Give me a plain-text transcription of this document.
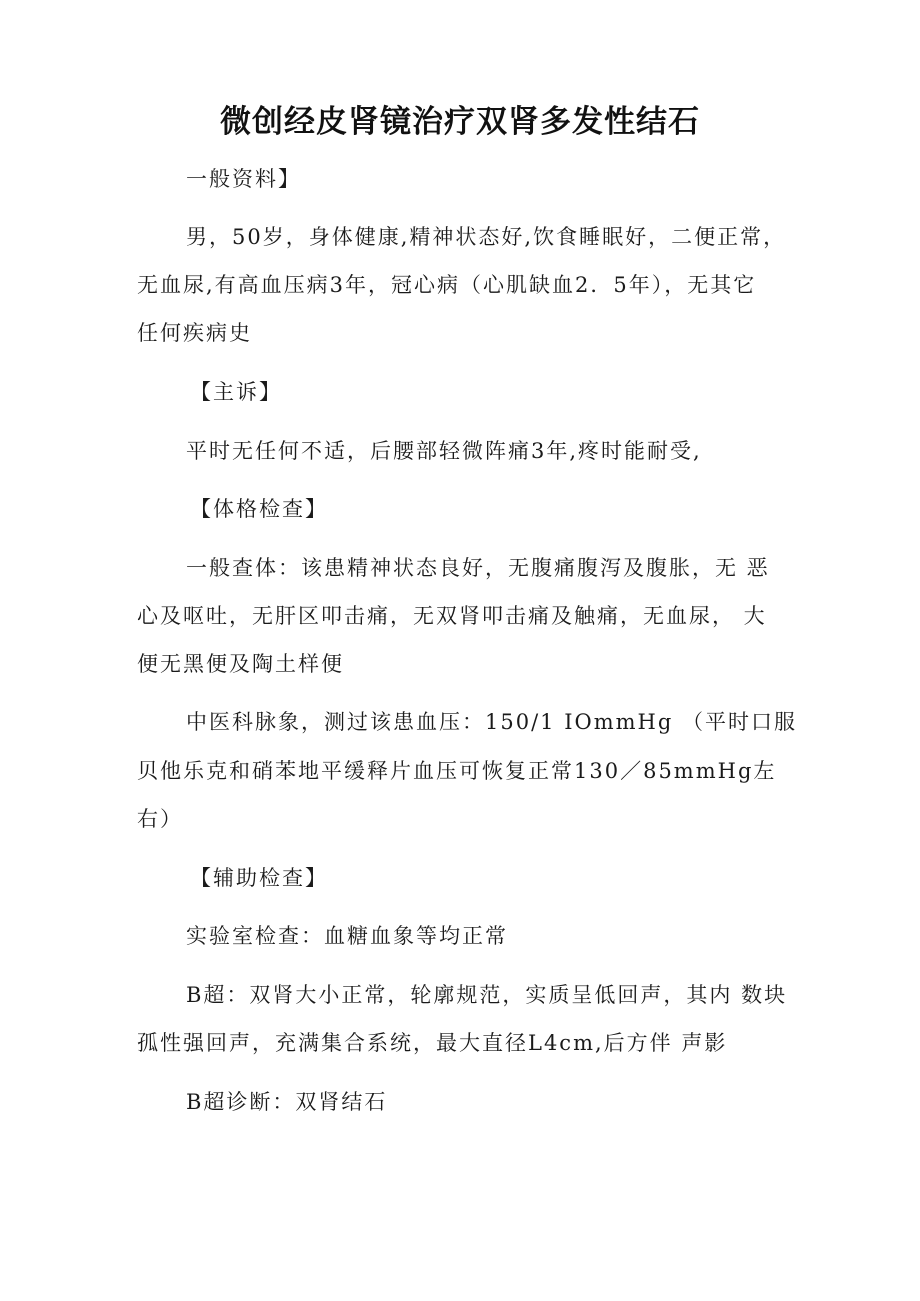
微创经皮肾镜治疗双肾多发性结石

一般资料】

男，50岁，身体健康,精神状态好,饮食睡眠好，二便正常，

无血尿,有高血压病3年，冠心病（心肌缺血2．5年），无其它

任何疾病史

【主诉】

平时无任何不适，后腰部轻微阵痛3年,疼时能耐受,

【体格检查】

一般查体：该患精神状态良好，无腹痛腹泻及腹胀，无 恶

心及呕吐，无肝区叩击痛，无双肾叩击痛及触痛，无血尿， 大

便无黑便及陶土样便

中医科脉象，测过该患血压：150/1 IOmmHg （平时口服

贝他乐克和硝苯地平缓释片血压可恢复正常130／85mmHg左

右）

【辅助检查】

实验室检查：血糖血象等均正常

B超：双肾大小正常，轮廓规范，实质呈低回声，其内 数块

孤性强回声，充满集合系统，最大直径L4cm,后方伴 声影

B超诊断：双肾结石
